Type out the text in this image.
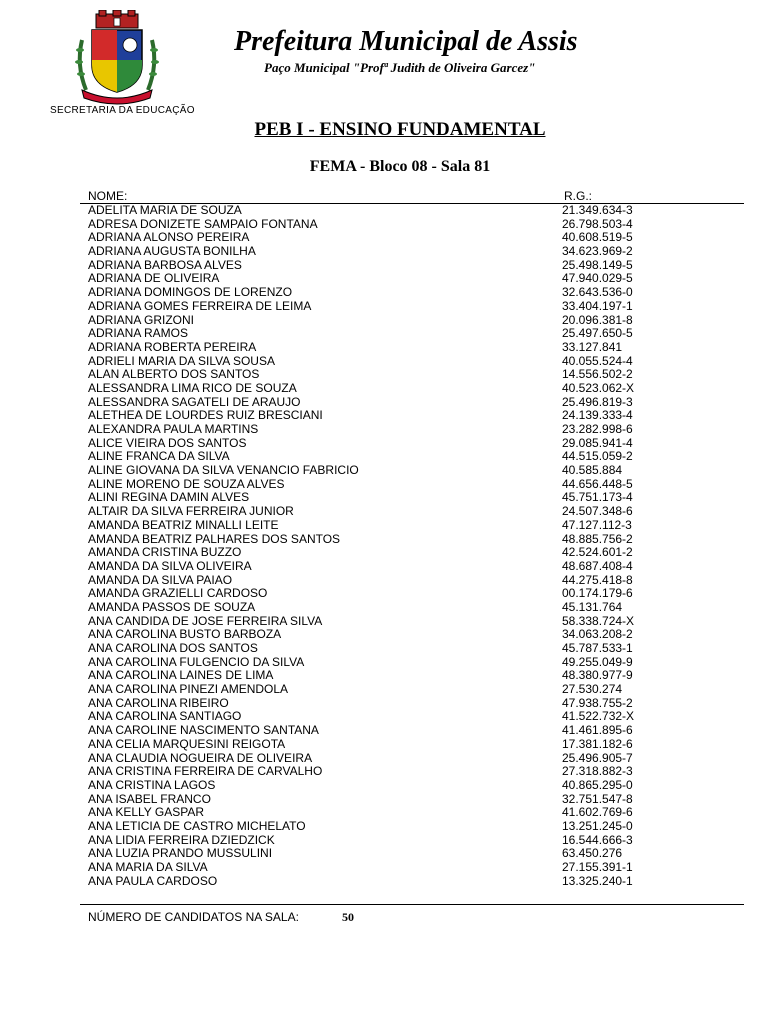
SECRETARIA DA EDUCAÇÃO
Prefeitura Municipal de Assis
Paço Municipal "Profª Judith de Oliveira Garcez"
PEB I - ENSINO FUNDAMENTAL
FEMA - Bloco 08 - Sala 81
NOME:	R.G.:
ADELITA MARIA DE SOUZA	21.349.634-3
ADRESA DONIZETE SAMPAIO FONTANA	26.798.503-4
ADRIANA ALONSO PEREIRA	40.608.519-5
ADRIANA AUGUSTA BONILHA	34.623.969-2
ADRIANA BARBOSA ALVES	25.498.149-5
ADRIANA DE OLIVEIRA	47.940.029-5
ADRIANA DOMINGOS DE LORENZO	32.643.536-0
ADRIANA GOMES FERREIRA DE LEIMA	33.404.197-1
ADRIANA GRIZONI	20.096.381-8
ADRIANA RAMOS	25.497.650-5
ADRIANA ROBERTA PEREIRA	33.127.841
ADRIELI MARIA DA SILVA SOUSA	40.055.524-4
ALAN ALBERTO DOS SANTOS	14.556.502-2
ALESSANDRA LIMA RICO DE SOUZA	40.523.062-X
ALESSANDRA SAGATELI DE ARAUJO	25.496.819-3
ALETHEA DE LOURDES RUIZ BRESCIANI	24.139.333-4
ALEXANDRA PAULA MARTINS	23.282.998-6
ALICE VIEIRA DOS SANTOS	29.085.941-4
ALINE FRANCA DA SILVA	44.515.059-2
ALINE GIOVANA DA SILVA VENANCIO FABRICIO	40.585.884
ALINE MORENO DE SOUZA ALVES	44.656.448-5
ALINI REGINA DAMIN ALVES	45.751.173-4
ALTAIR DA SILVA FERREIRA JUNIOR	24.507.348-6
AMANDA BEATRIZ MINALLI LEITE	47.127.112-3
AMANDA BEATRIZ PALHARES DOS SANTOS	48.885.756-2
AMANDA CRISTINA BUZZO	42.524.601-2
AMANDA DA SILVA OLIVEIRA	48.687.408-4
AMANDA DA SILVA PAIAO	44.275.418-8
AMANDA GRAZIELLI CARDOSO	00.174.179-6
AMANDA PASSOS DE SOUZA	45.131.764
ANA CANDIDA DE JOSE FERREIRA SILVA	58.338.724-X
ANA CAROLINA BUSTO BARBOZA	34.063.208-2
ANA CAROLINA DOS SANTOS	45.787.533-1
ANA CAROLINA FULGENCIO DA SILVA	49.255.049-9
ANA CAROLINA LAINES DE LIMA	48.380.977-9
ANA CAROLINA PINEZI AMENDOLA	27.530.274
ANA CAROLINA RIBEIRO	47.938.755-2
ANA CAROLINA SANTIAGO	41.522.732-X
ANA CAROLINE NASCIMENTO SANTANA	41.461.895-6
ANA CELIA MARQUESINI REIGOTA	17.381.182-6
ANA CLAUDIA NOGUEIRA DE OLIVEIRA	25.496.905-7
ANA CRISTINA FERREIRA DE CARVALHO	27.318.882-3
ANA CRISTINA LAGOS	40.865.295-0
ANA ISABEL FRANCO	32.751.547-8
ANA KELLY GASPAR	41.602.769-6
ANA LETICIA DE CASTRO MICHELATO	13.251.245-0
ANA LIDIA FERREIRA DZIEDZICK	16.544.666-3
ANA LUZIA PRANDO MUSSULINI	63.450.276
ANA MARIA DA SILVA	27.155.391-1
ANA PAULA CARDOSO	13.325.240-1
NÚMERO DE CANDIDATOS NA SALA:	50
